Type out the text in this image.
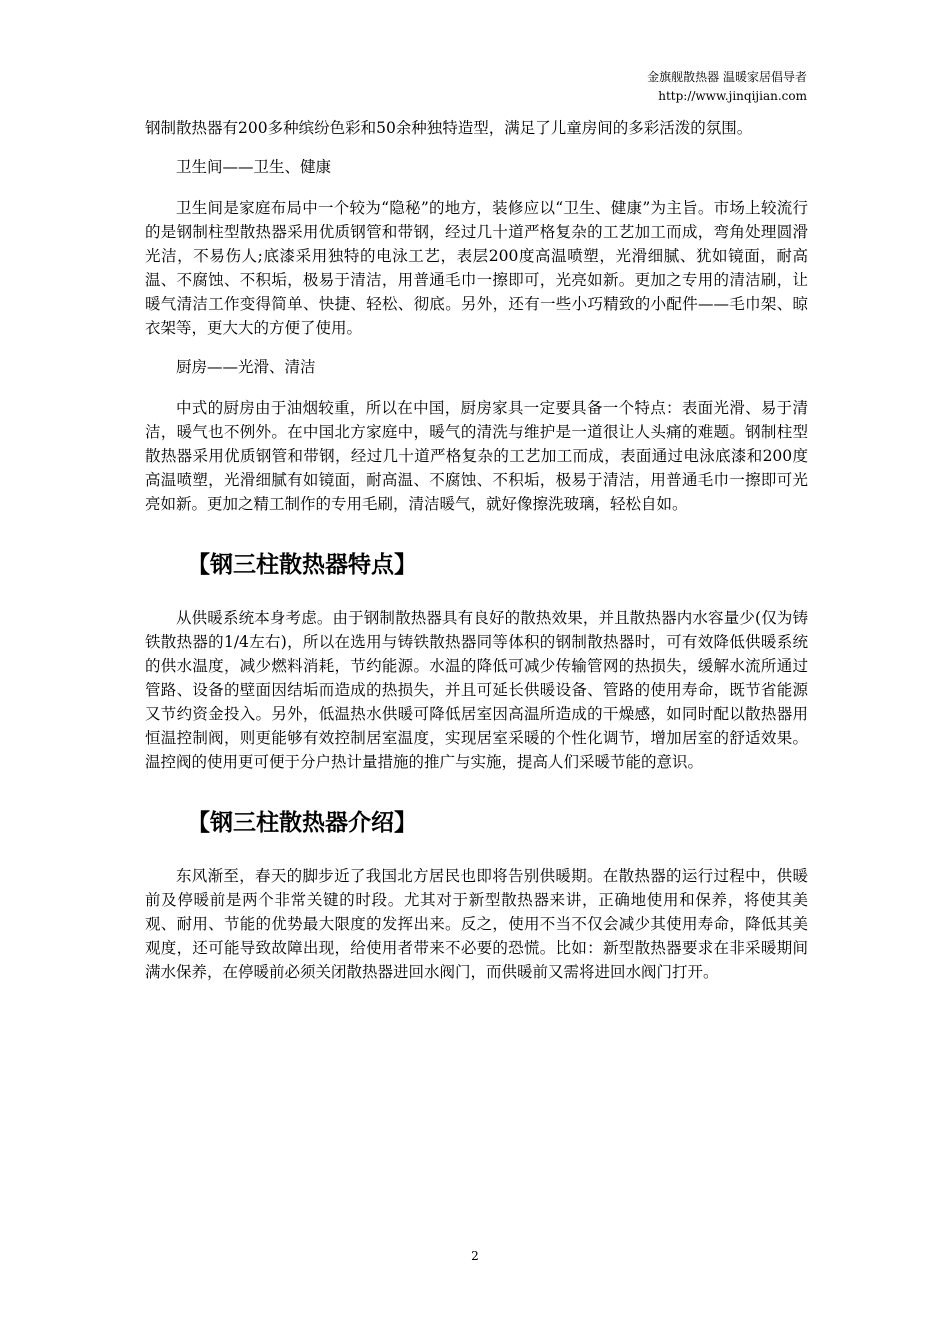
金旗舰散热器 温暖家居倡导者
http://www.jinqijian.com

钢制散热器有200多种缤纷色彩和50余种独特造型，满足了儿童房间的多彩活泼的氛围。

卫生间——卫生、健康

卫生间是家庭布局中一个较为“隐秘”的地方，装修应以“卫生、健康”为主旨。市场上较流行的是钢制柱型散热器采用优质钢管和带钢，经过几十道严格复杂的工艺加工而成，弯角处理圆滑光洁，不易伤人;底漆采用独特的电泳工艺，表层200度高温喷塑，光滑细腻、犹如镜面，耐高温、不腐蚀、不积垢，极易于清洁，用普通毛巾一擦即可，光亮如新。更加之专用的清洁刷，让暖气清洁工作变得简单、快捷、轻松、彻底。另外，还有一些小巧精致的小配件——毛巾架、晾衣架等，更大大的方便了使用。

厨房——光滑、清洁

中式的厨房由于油烟较重，所以在中国，厨房家具一定要具备一个特点：表面光滑、易于清洁，暖气也不例外。在中国北方家庭中，暖气的清洗与维护是一道很让人头痛的难题。钢制柱型散热器采用优质钢管和带钢，经过几十道严格复杂的工艺加工而成，表面通过电泳底漆和200度高温喷塑，光滑细腻有如镜面，耐高温、不腐蚀、不积垢，极易于清洁，用普通毛巾一擦即可光亮如新。更加之精工制作的专用毛刷，清洁暖气，就好像擦洗玻璃，轻松自如。

【钢三柱散热器特点】

从供暖系统本身考虑。由于钢制散热器具有良好的散热效果，并且散热器内水容量少(仅为铸铁散热器的1/4左右)，所以在选用与铸铁散热器同等体积的钢制散热器时，可有效降低供暖系统的供水温度，减少燃料消耗，节约能源。水温的降低可减少传输管网的热损失，缓解水流所通过管路、设备的壁面因结垢而造成的热损失，并且可延长供暖设备、管路的使用寿命，既节省能源又节约资金投入。另外，低温热水供暖可降低居室因高温所造成的干燥感，如同时配以散热器用恒温控制阀，则更能够有效控制居室温度，实现居室采暖的个性化调节，增加居室的舒适效果。温控阀的使用更可便于分户热计量措施的推广与实施，提高人们采暖节能的意识。

【钢三柱散热器介绍】

东风渐至，春天的脚步近了我国北方居民也即将告别供暖期。在散热器的运行过程中，供暖前及停暖前是两个非常关键的时段。尤其对于新型散热器来讲，正确地使用和保养，将使其美观、耐用、节能的优势最大限度的发挥出来。反之，使用不当不仅会减少其使用寿命，降低其美观度，还可能导致故障出现，给使用者带来不必要的恐慌。比如：新型散热器要求在非采暖期间满水保养，在停暖前必须关闭散热器进回水阀门，而供暖前又需将进回水阀门打开。

2
